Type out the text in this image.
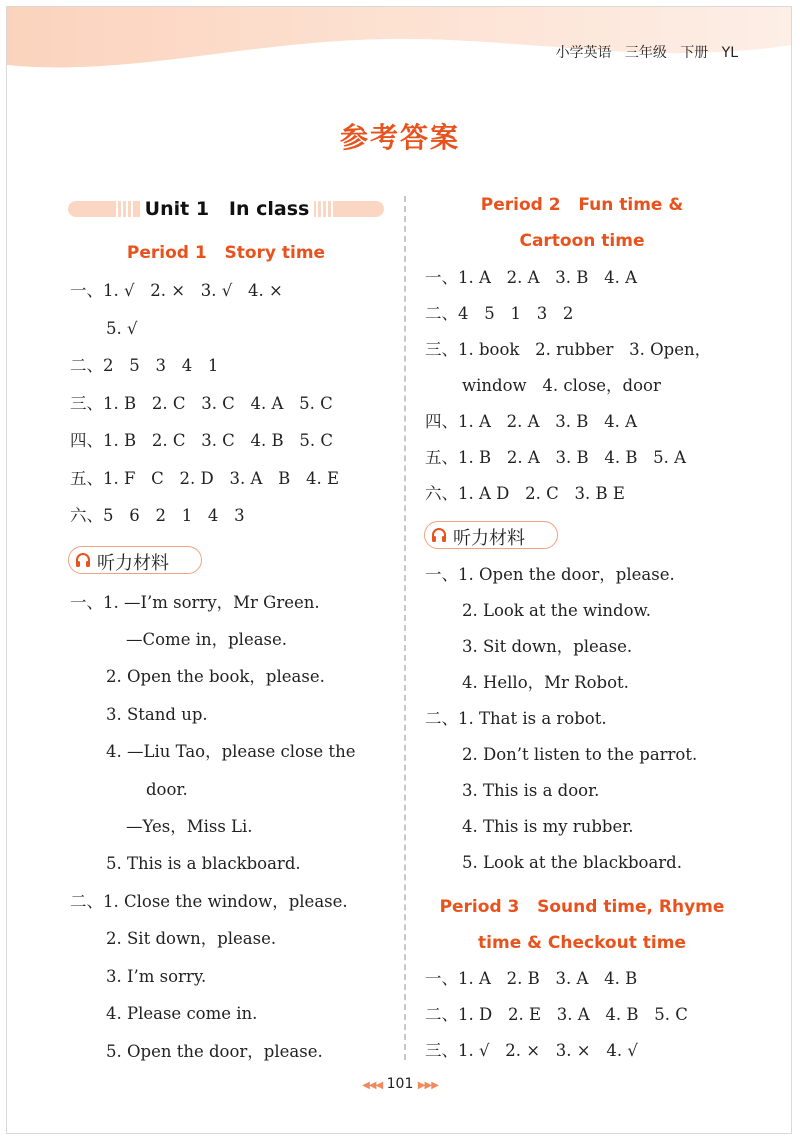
小学英语 三年级 下册 YL
参考答案
Unit 1 In class
Period 1   Story time
一、1. √   2. ×   3. √   4. ×
5. √
二、2   5   3   4   1
三、1. B   2. C   3. C   4. A   5. C
四、1. B   2. C   3. C   4. B   5. C
五、1. F   C   2. D   3. A   B   4. E
六、5   6   2   1   4   3
听力材料
一、1. —I’m sorry，Mr Green.
—Come in，please.
2. Open the book，please.
3. Stand up.
4. —Liu Tao，please close the
door.
—Yes，Miss Li.
5. This is a blackboard.
二、1. Close the window，please.
2. Sit down，please.
3. I’m sorry.
4. Please come in.
5. Open the door，please.
Period 2   Fun time &
Cartoon time
一、1. A   2. A   3. B   4. A
二、4   5   1   3   2
三、1. book   2. rubber   3. Open，
window   4. close，door
四、1. A   2. A   3. B   4. A
五、1. B   2. A   3. B   4. B   5. A
六、1. A D   2. C   3. B E
听力材料
一、1. Open the door，please.
2. Look at the window.
3. Sit down，please.
4. Hello，Mr Robot.
二、1. That is a robot.
2. Don’t listen to the parrot.
3. This is a door.
4. This is my rubber.
5. Look at the blackboard.
Period 3   Sound time, Rhyme
time & Checkout time
一、1. A   2. B   3. A   4. B
二、1. D   2. E   3. A   4. B   5. C
三、1. √   2. ×   3. ×   4. √
◀◀◀ 101 ▶▶▶
